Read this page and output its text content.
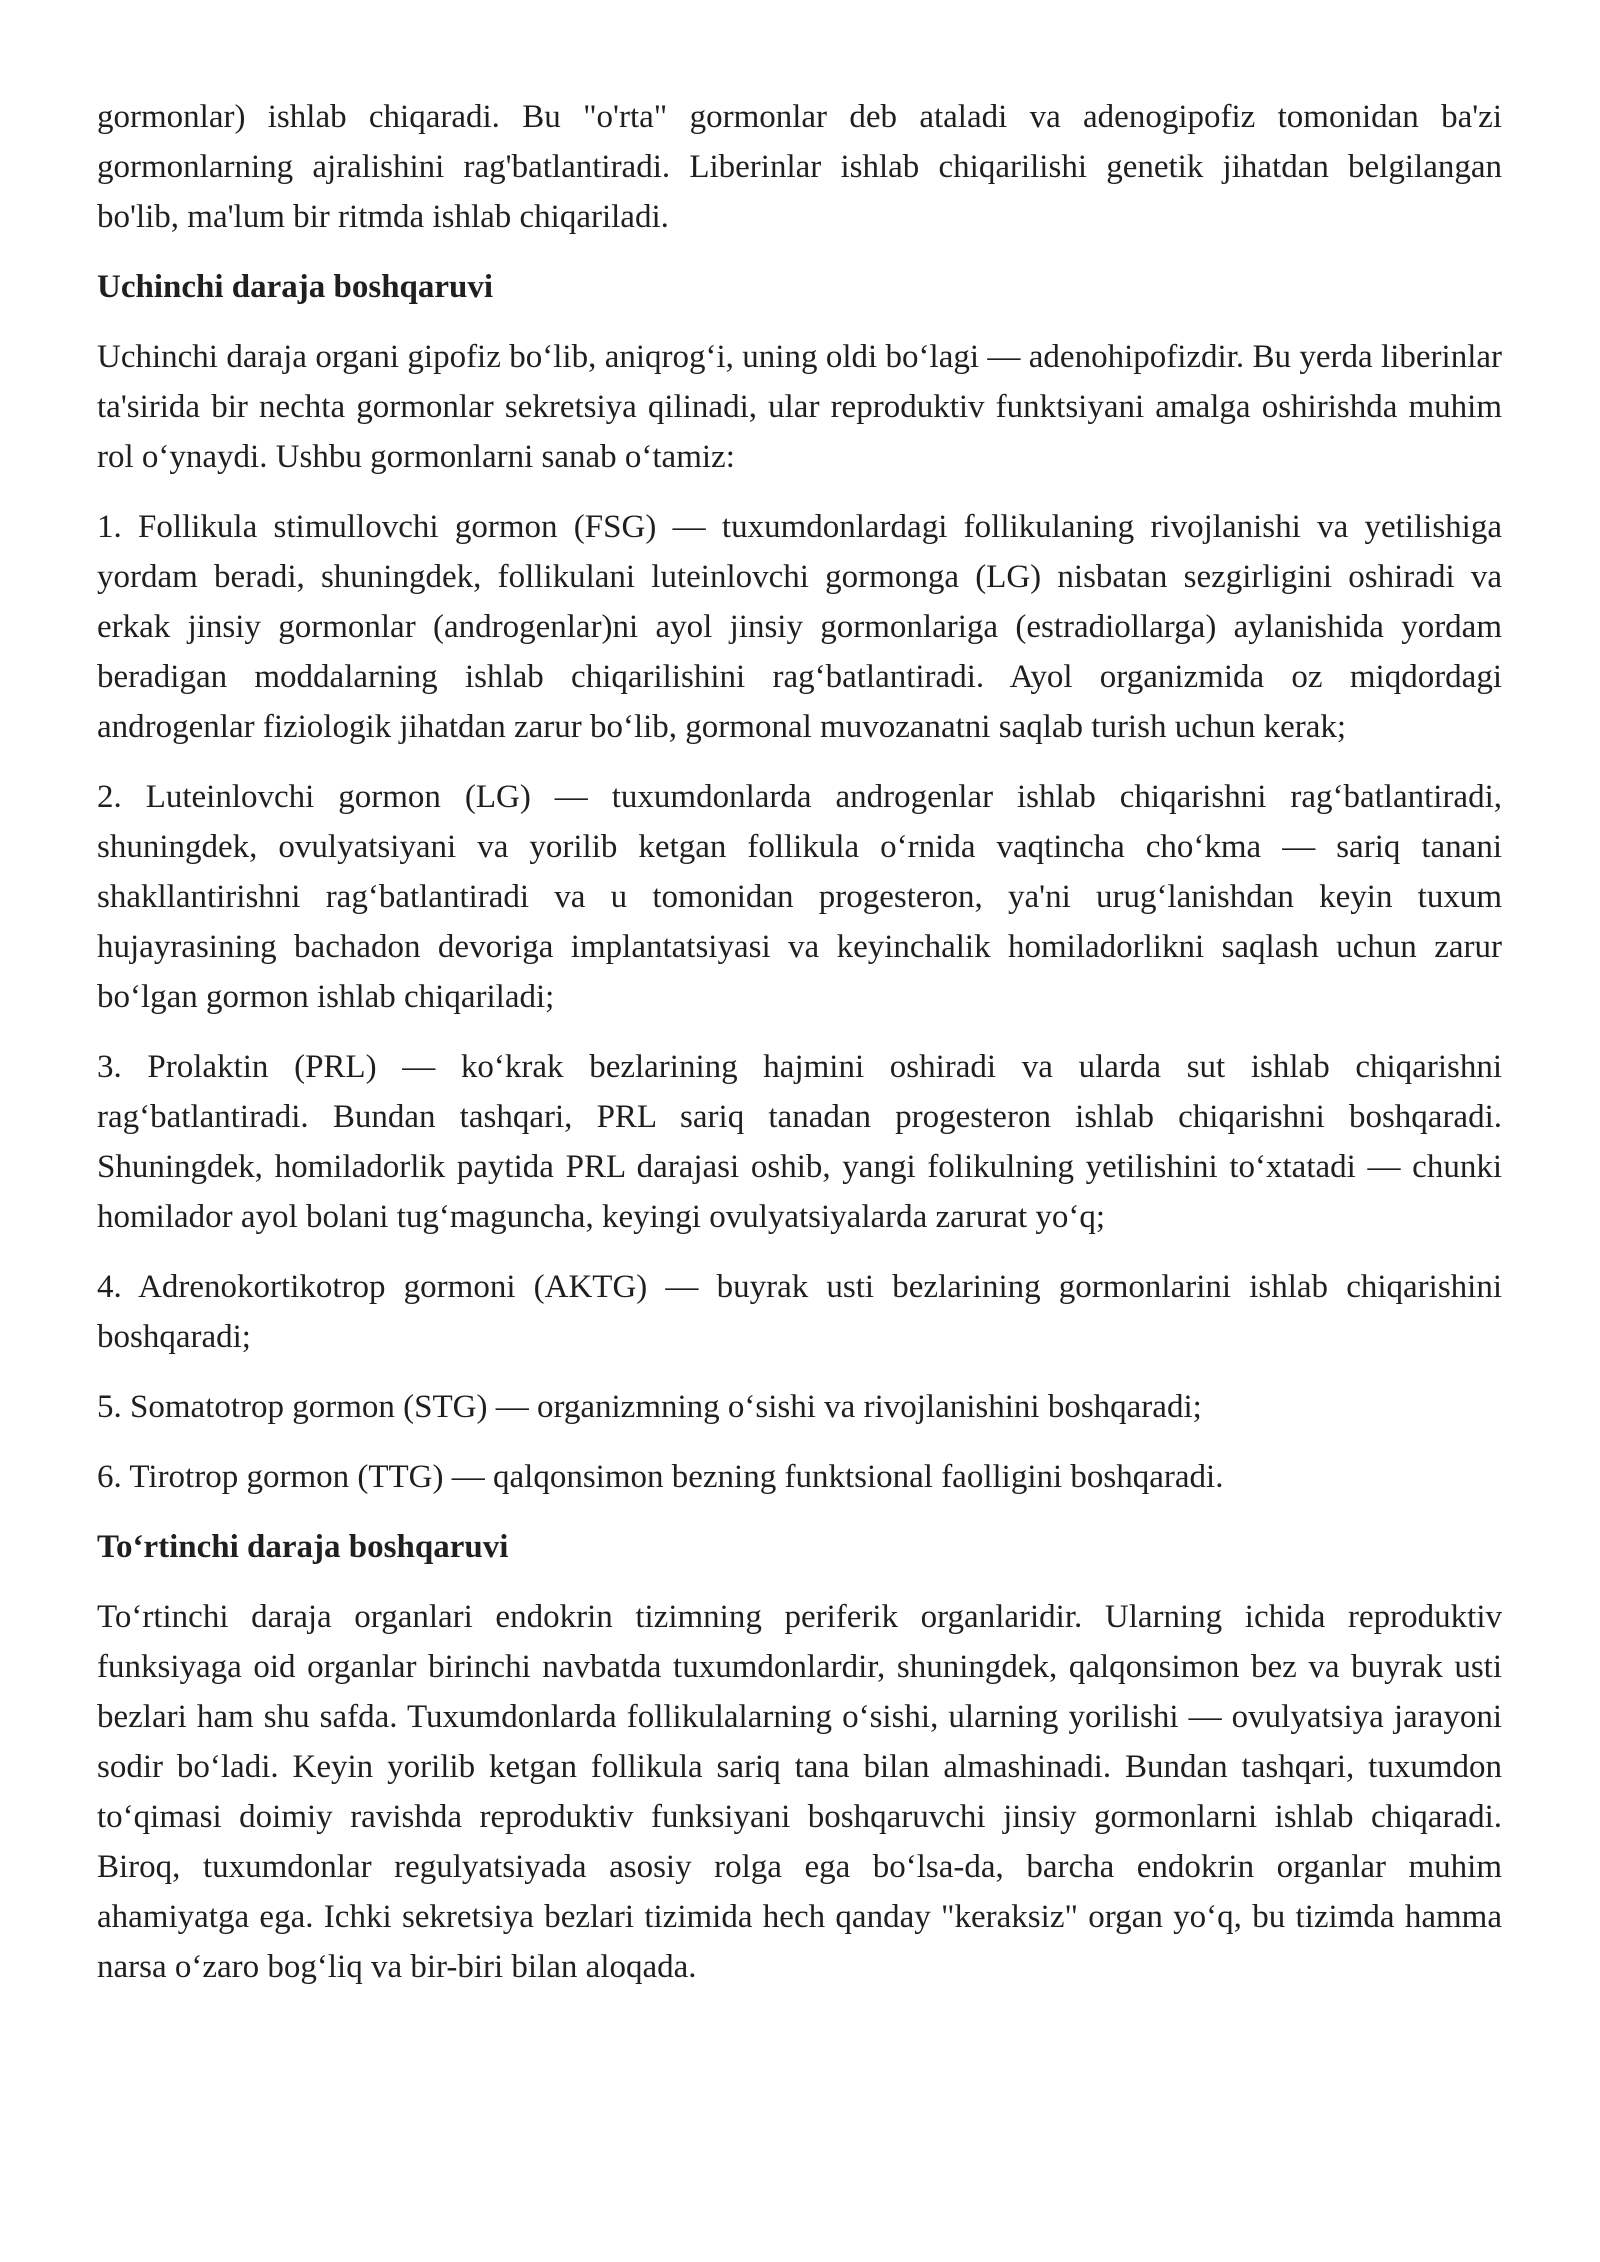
gormonlar) ishlab chiqaradi. Bu "o'rta" gormonlar deb ataladi va adenogipofiz tomonidan ba'zi gormonlarning ajralishini rag'batlantiradi. Liberinlar ishlab chiqarilishi genetik jihatdan belgilangan bo'lib, ma'lum bir ritmda ishlab chiqariladi.

Uchinchi daraja boshqaruvi

Uchinchi daraja organi gipofiz bo‘lib, aniqrog‘i, uning oldi bo‘lagi — adenohipofizdir. Bu yerda liberinlar ta'sirida bir nechta gormonlar sekretsiya qilinadi, ular reproduktiv funktsiyani amalga oshirishda muhim rol o‘ynaydi. Ushbu gormonlarni sanab o‘tamiz:

1. Follikula stimullovchi gormon (FSG) — tuxumdonlardagi follikulaning rivojlanishi va yetilishiga yordam beradi, shuningdek, follikulani luteinlovchi gormonga (LG) nisbatan sezgirligini oshiradi va erkak jinsiy gormonlar (androgenlar)ni ayol jinsiy gormonlariga (estradiollarga) aylanishida yordam beradigan moddalarning ishlab chiqarilishini rag‘batlantiradi. Ayol organizmida oz miqdordagi androgenlar fiziologik jihatdan zarur bo‘lib, gormonal muvozanatni saqlab turish uchun kerak;

2. Luteinlovchi gormon (LG) — tuxumdonlarda androgenlar ishlab chiqarishni rag‘batlantiradi, shuningdek, ovulyatsiyani va yorilib ketgan follikula o‘rnida vaqtincha cho‘kma — sariq tanani shakllantirishni rag‘batlantiradi va u tomonidan progesteron, ya'ni urug‘lanishdan keyin tuxum hujayrasining bachadon devoriga implantatsiyasi va keyinchalik homiladorlikni saqlash uchun zarur bo‘lgan gormon ishlab chiqariladi;

3. Prolaktin (PRL) — ko‘krak bezlarining hajmini oshiradi va ularda sut ishlab chiqarishni rag‘batlantiradi. Bundan tashqari, PRL sariq tanadan progesteron ishlab chiqarishni boshqaradi. Shuningdek, homiladorlik paytida PRL darajasi oshib, yangi folikulning yetilishini to‘xtatadi — chunki homilador ayol bolani tug‘maguncha, keyingi ovulyatsiyalarda zarurat yo‘q;

4. Adrenokortikotrop gormoni (AKTG) — buyrak usti bezlarining gormonlarini ishlab chiqarishini boshqaradi;

5. Somatotrop gormon (STG) — organizmning o‘sishi va rivojlanishini boshqaradi;

6. Tirotrop gormon (TTG) — qalqonsimon bezning funktsional faolligini boshqaradi.

To‘rtinchi daraja boshqaruvi

To‘rtinchi daraja organlari endokrin tizimning periferik organlaridir. Ularning ichida reproduktiv funksiyaga oid organlar birinchi navbatda tuxumdonlardir, shuningdek, qalqonsimon bez va buyrak usti bezlari ham shu safda. Tuxumdonlarda follikulalarning o‘sishi, ularning yorilishi — ovulyatsiya jarayoni sodir bo‘ladi. Keyin yorilib ketgan follikula sariq tana bilan almashinadi. Bundan tashqari, tuxumdon to‘qimasi doimiy ravishda reproduktiv funksiyani boshqaruvchi jinsiy gormonlarni ishlab chiqaradi. Biroq, tuxumdonlar regulyatsiyada asosiy rolga ega bo‘lsa-da, barcha endokrin organlar muhim ahamiyatga ega. Ichki sekretsiya bezlari tizimida hech qanday "keraksiz" organ yo‘q, bu tizimda hamma narsa o‘zaro bog‘liq va bir-biri bilan aloqada.
